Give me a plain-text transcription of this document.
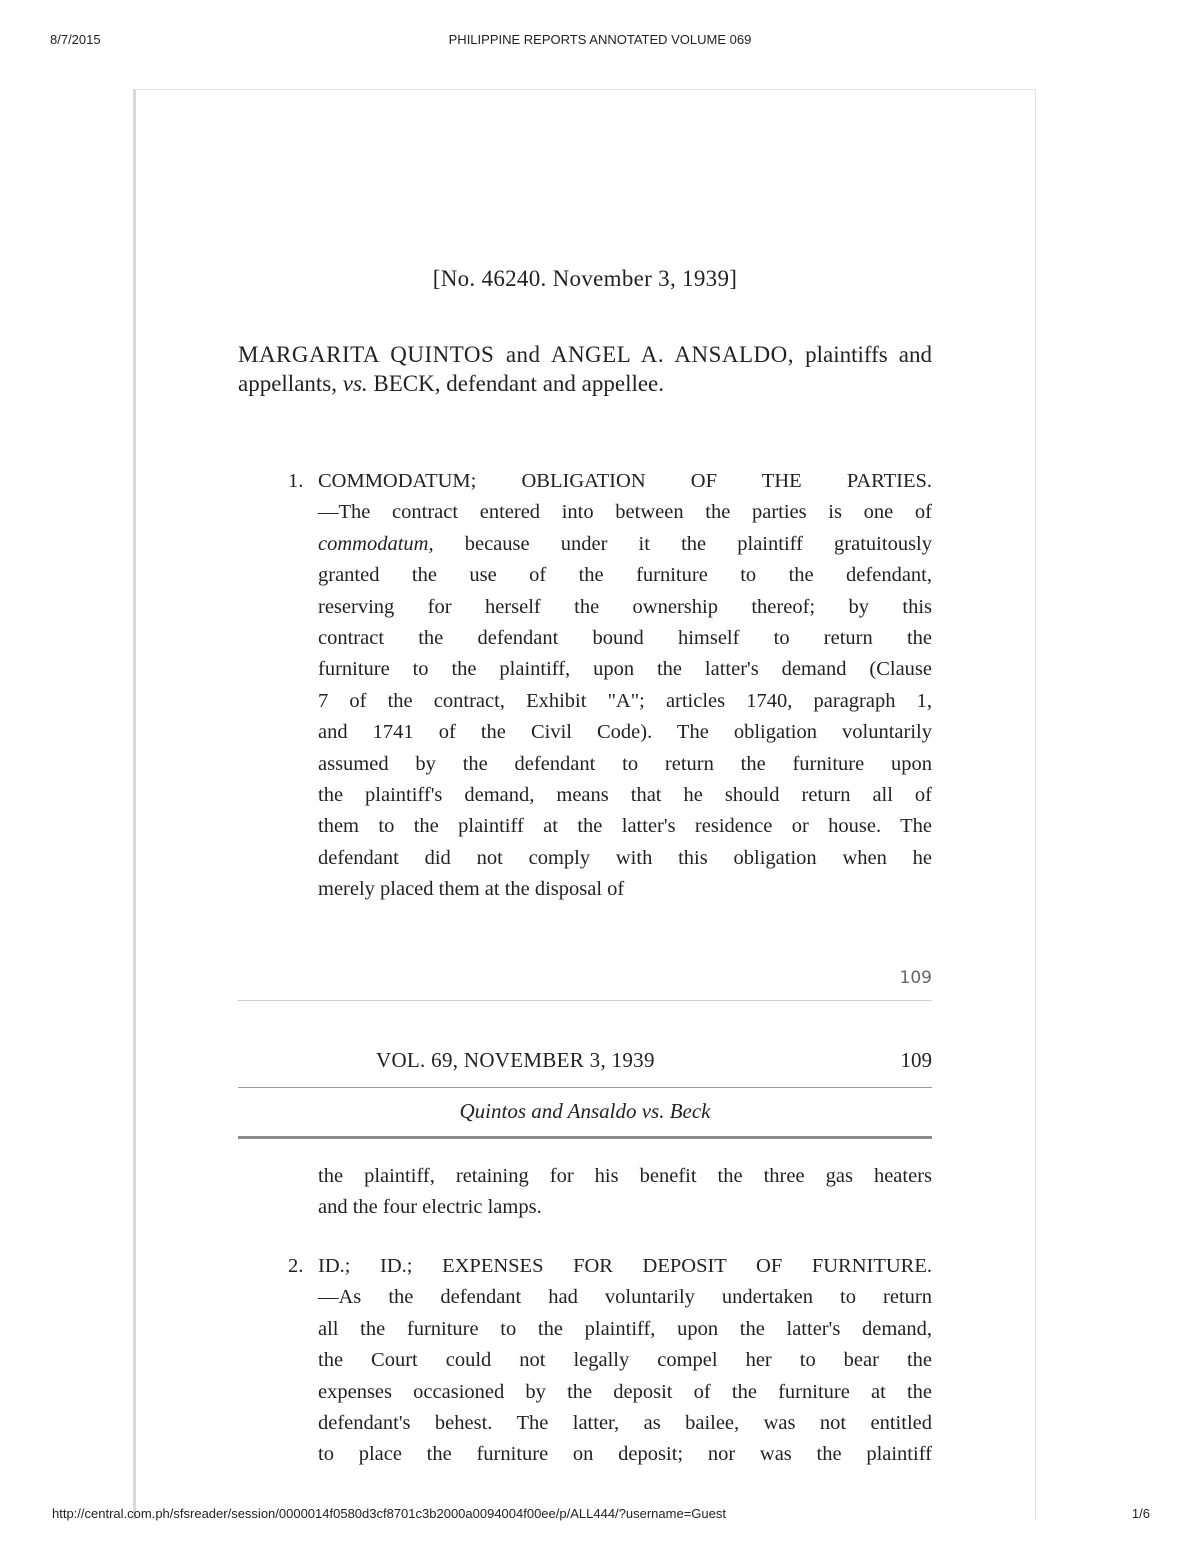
8/7/2015	PHILIPPINE REPORTS ANNOTATED VOLUME 069
[No. 46240. November 3, 1939]
MARGARITA QUINTOS and ANGEL A. ANSALDO, plaintiffs and appellants, vs. BECK, defendant and appellee.
1. COMMODATUM; OBLIGATION OF THE PARTIES.
—The contract entered into between the parties is one of
commodatum, because under it the plaintiff gratuitously
granted the use of the furniture to the defendant,
reserving for herself the ownership thereof; by this
contract the defendant bound himself to return the
furniture to the plaintiff, upon the latter's demand (Clause
7 of the contract, Exhibit "A"; articles 1740, paragraph 1,
and 1741 of the Civil Code). The obligation voluntarily
assumed by the defendant to return the furniture upon
the plaintiff's demand, means that he should return all of
them to the plaintiff at the latter's residence or house. The
defendant did not comply with this obligation when he
merely placed them at the disposal of
109
VOL. 69, NOVEMBER 3, 1939	109
Quintos and Ansaldo vs. Beck
the plaintiff, retaining for his benefit the three gas heaters
and the four electric lamps.
2. ID.; ID.; EXPENSES FOR DEPOSIT OF FURNITURE.
—As the defendant had voluntarily undertaken to return
all the furniture to the plaintiff, upon the latter's demand,
the Court could not legally compel her to bear the
expenses occasioned by the deposit of the furniture at the
defendant's behest. The latter, as bailee, was not entitled
to place the furniture on deposit; nor was the plaintiff
http://central.com.ph/sfsreader/session/0000014f0580d3cf8701c3b2000a0094004f00ee/p/ALL444/?username=Guest	1/6
